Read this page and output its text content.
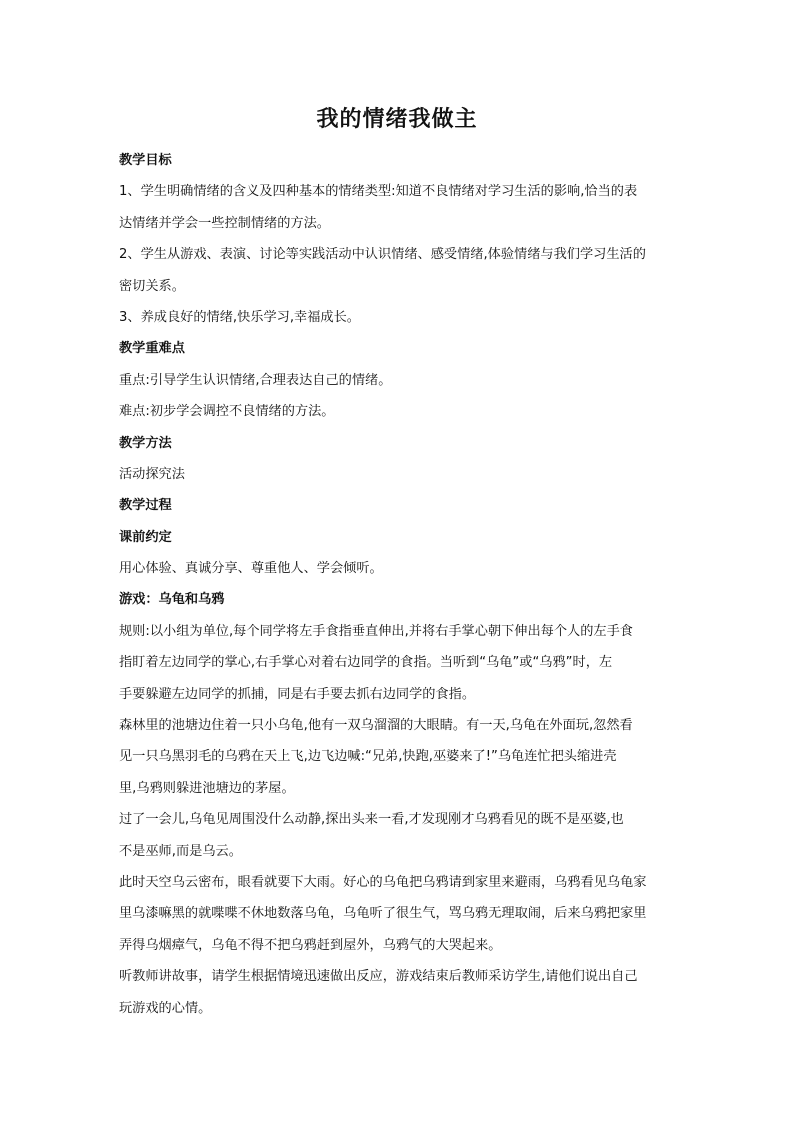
我的情绪我做主
教学目标
1、学生明确情绪的含义及四种基本的情绪类型:知道不良情绪对学习生活的影响,恰当的表
达情绪并学会一些控制情绪的方法。
2、学生从游戏、表演、讨论等实践活动中认识情绪、感受情绪,体验情绪与我们学习生活的
密切关系。
3、养成良好的情绪,快乐学习,幸福成长。
教学重难点
重点:引导学生认识情绪,合理表达自己的情绪。
难点:初步学会调控不良情绪的方法。
教学方法
活动探究法
教学过程
课前约定
用心体验、真诚分享、尊重他人、学会倾听。
游戏：乌龟和乌鸦
规则:以小组为单位,每个同学将左手食指垂直伸出,并将右手掌心朝下伸出每个人的左手食
指盯着左边同学的掌心,右手掌心对着右边同学的食指。当听到“乌龟”或“乌鸦”时，左
手要躲避左边同学的抓捕，同是右手要去抓右边同学的食指。
森林里的池塘边住着一只小乌龟,他有一双乌溜溜的大眼睛。有一天,乌龟在外面玩,忽然看
见一只乌黑羽毛的乌鸦在天上飞,边飞边喊:“兄弟,快跑,巫婆来了!”乌龟连忙把头缩进壳
里,乌鸦则躲进池塘边的茅屋。
过了一会儿,乌龟见周围没什么动静,探出头来一看,才发现刚才乌鸦看见的既不是巫婆,也
不是巫师,而是乌云。
此时天空乌云密布，眼看就要下大雨。好心的乌龟把乌鸦请到家里来避雨，乌鸦看见乌龟家
里乌漆嘛黑的就喋喋不休地数落乌龟，乌龟听了很生气，骂乌鸦无理取闹，后来乌鸦把家里
弄得乌烟瘴气，乌龟不得不把乌鸦赶到屋外，乌鸦气的大哭起来。
听教师讲故事，请学生根据情境迅速做出反应，游戏结束后教师采访学生,请他们说出自己
玩游戏的心情。
